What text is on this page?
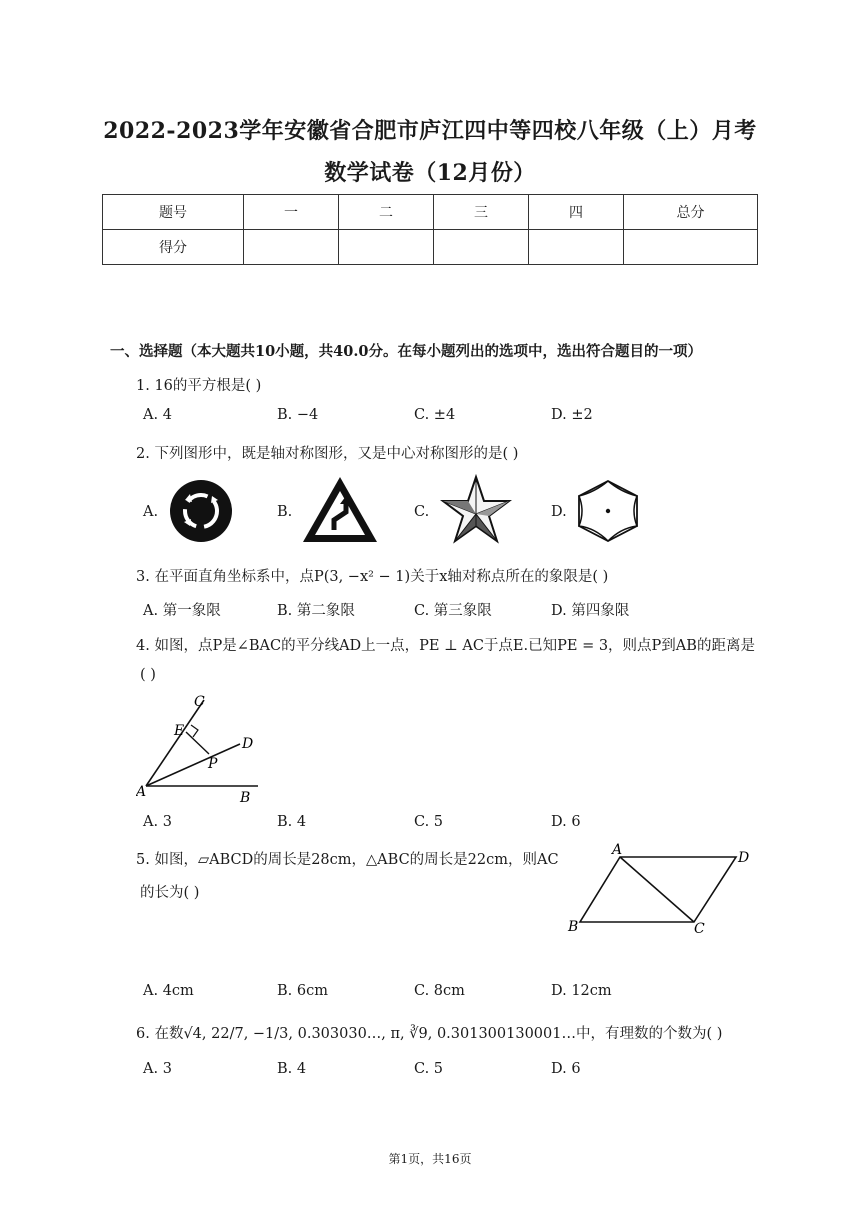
2022-2023学年安徽省合肥市庐江四中等四校八年级（上）月考
数学试卷（12月份）
题号	一	二	三	四	总分
得分					
一、选择题（本大题共10小题，共40.0分。在每小题列出的选项中，选出符合题目的一项）
1. 16的平方根是( )
A. 4	B. −4	C. ±4	D. ±2
2. 下列图形中，既是轴对称图形，又是中心对称图形的是( )
A.	B.	C.	D.
3. 在平面直角坐标系中，点P(3, −x² − 1)关于x轴对称点所在的象限是( )
A. 第一象限	B. 第二象限	C. 第三象限	D. 第四象限
4. 如图，点P是∠BAC的平分线AD上一点，PE ⊥ AC于点E.已知PE = 3，则点P到AB的距离是
( )
A	B
C
D
E
P
A. 3	B. 4	C. 5	D. 6
5. 如图，▱ABCD的周长是28cm，△ABC的周长是22cm，则AC
的长为( )
A	D
B	C
A. 4cm	B. 6cm	C. 8cm	D. 12cm
6. 在数√4, 22/7, −1/3, 0.303030…, π, ∛9, 0.301300130001…中，有理数的个数为( )
A. 3	B. 4	C. 5	D. 6
第1页，共16页
